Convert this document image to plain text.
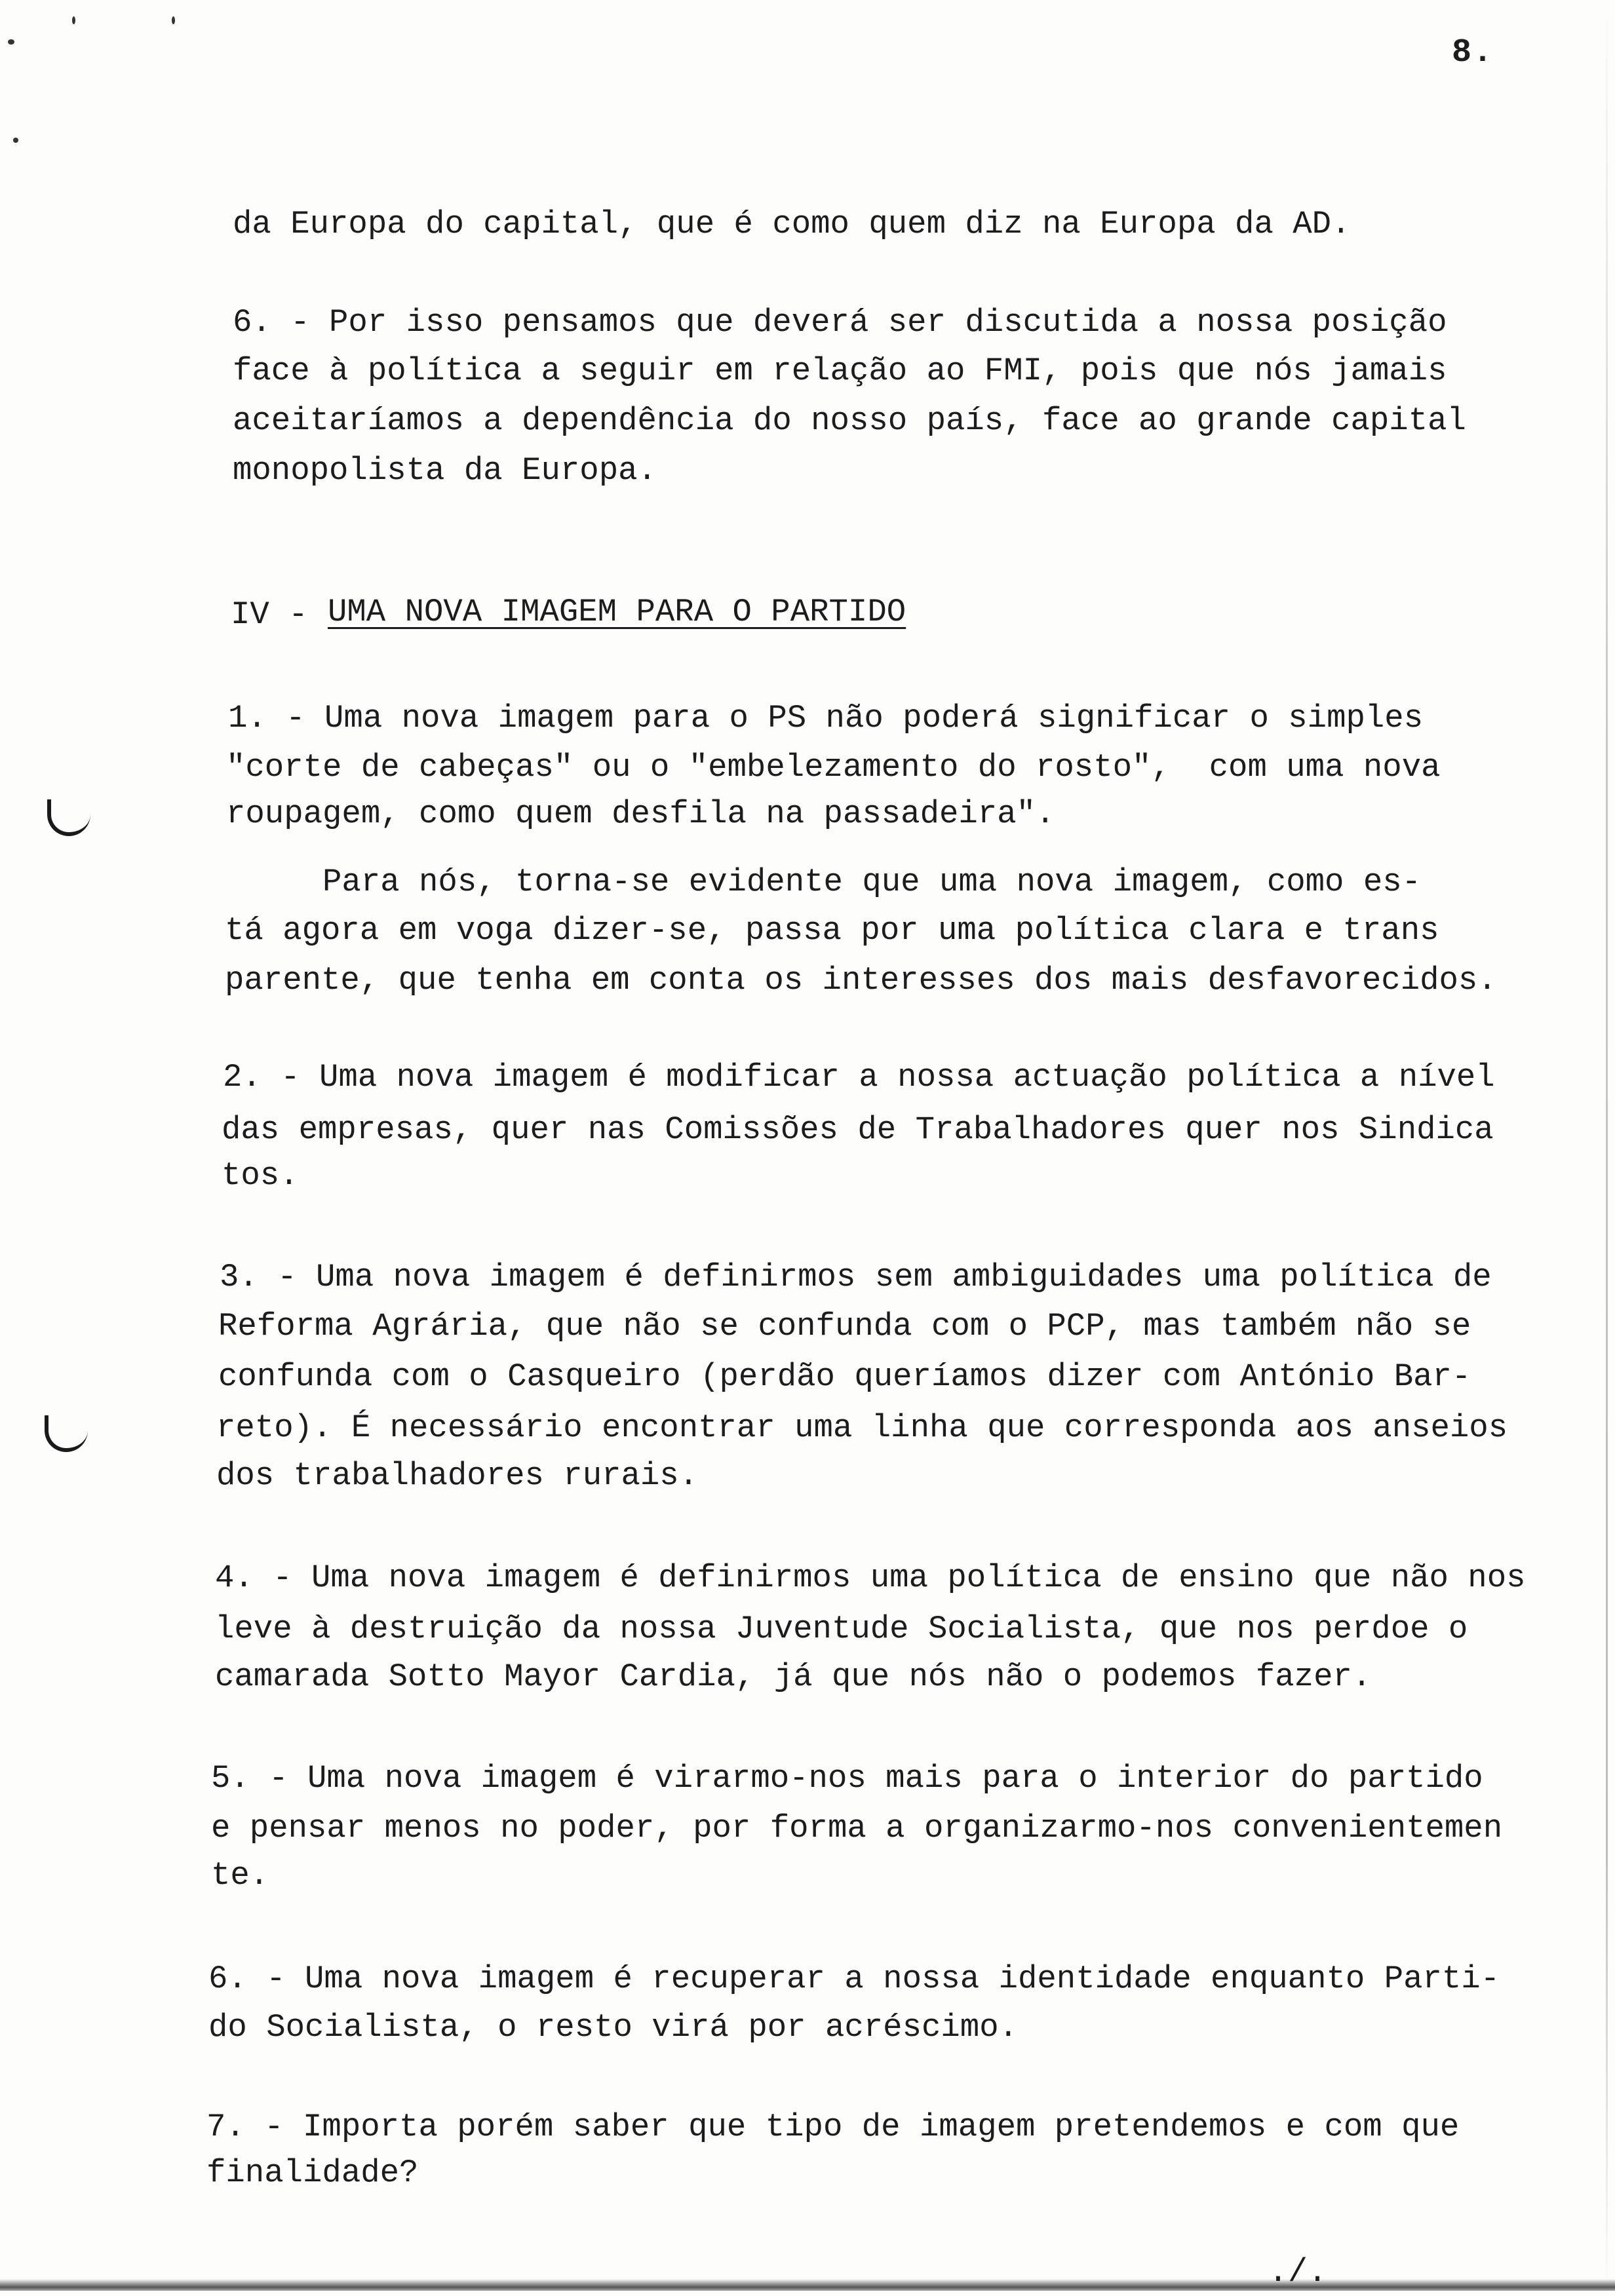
8.
da Europa do capital, que é como quem diz na Europa da AD.
6. - Por isso pensamos que deverá ser discutida a nossa posição
face à política a seguir em relação ao FMI, pois que nós jamais
aceitaríamos a dependência do nosso país, face ao grande capital
monopolista da Europa.
IV - UMA NOVA IMAGEM PARA O PARTIDO
1. - Uma nova imagem para o PS não poderá significar o simples
"corte de cabeças" ou o "embelezamento do rosto",  com uma nova
roupagem, como quem desfila na passadeira".
Para nós, torna-se evidente que uma nova imagem, como es-
tá agora em voga dizer-se, passa por uma política clara e trans
parente, que tenha em conta os interesses dos mais desfavorecidos.
2. - Uma nova imagem é modificar a nossa actuação política a nível
das empresas, quer nas Comissões de Trabalhadores quer nos Sindica
tos.
3. - Uma nova imagem é definirmos sem ambiguidades uma política de
Reforma Agrária, que não se confunda com o PCP, mas também não se
confunda com o Casqueiro (perdão queríamos dizer com António Bar-
reto). É necessário encontrar uma linha que corresponda aos anseios
dos trabalhadores rurais.
4. - Uma nova imagem é definirmos uma política de ensino que não nos
leve à destruição da nossa Juventude Socialista, que nos perdoe o
camarada Sotto Mayor Cardia, já que nós não o podemos fazer.
5. - Uma nova imagem é virarmo-nos mais para o interior do partido
e pensar menos no poder, por forma a organizarmo-nos convenientemen
te.
6. - Uma nova imagem é recuperar a nossa identidade enquanto Parti-
do Socialista, o resto virá por acréscimo.
7. - Importa porém saber que tipo de imagem pretendemos e com que
finalidade?
./.
